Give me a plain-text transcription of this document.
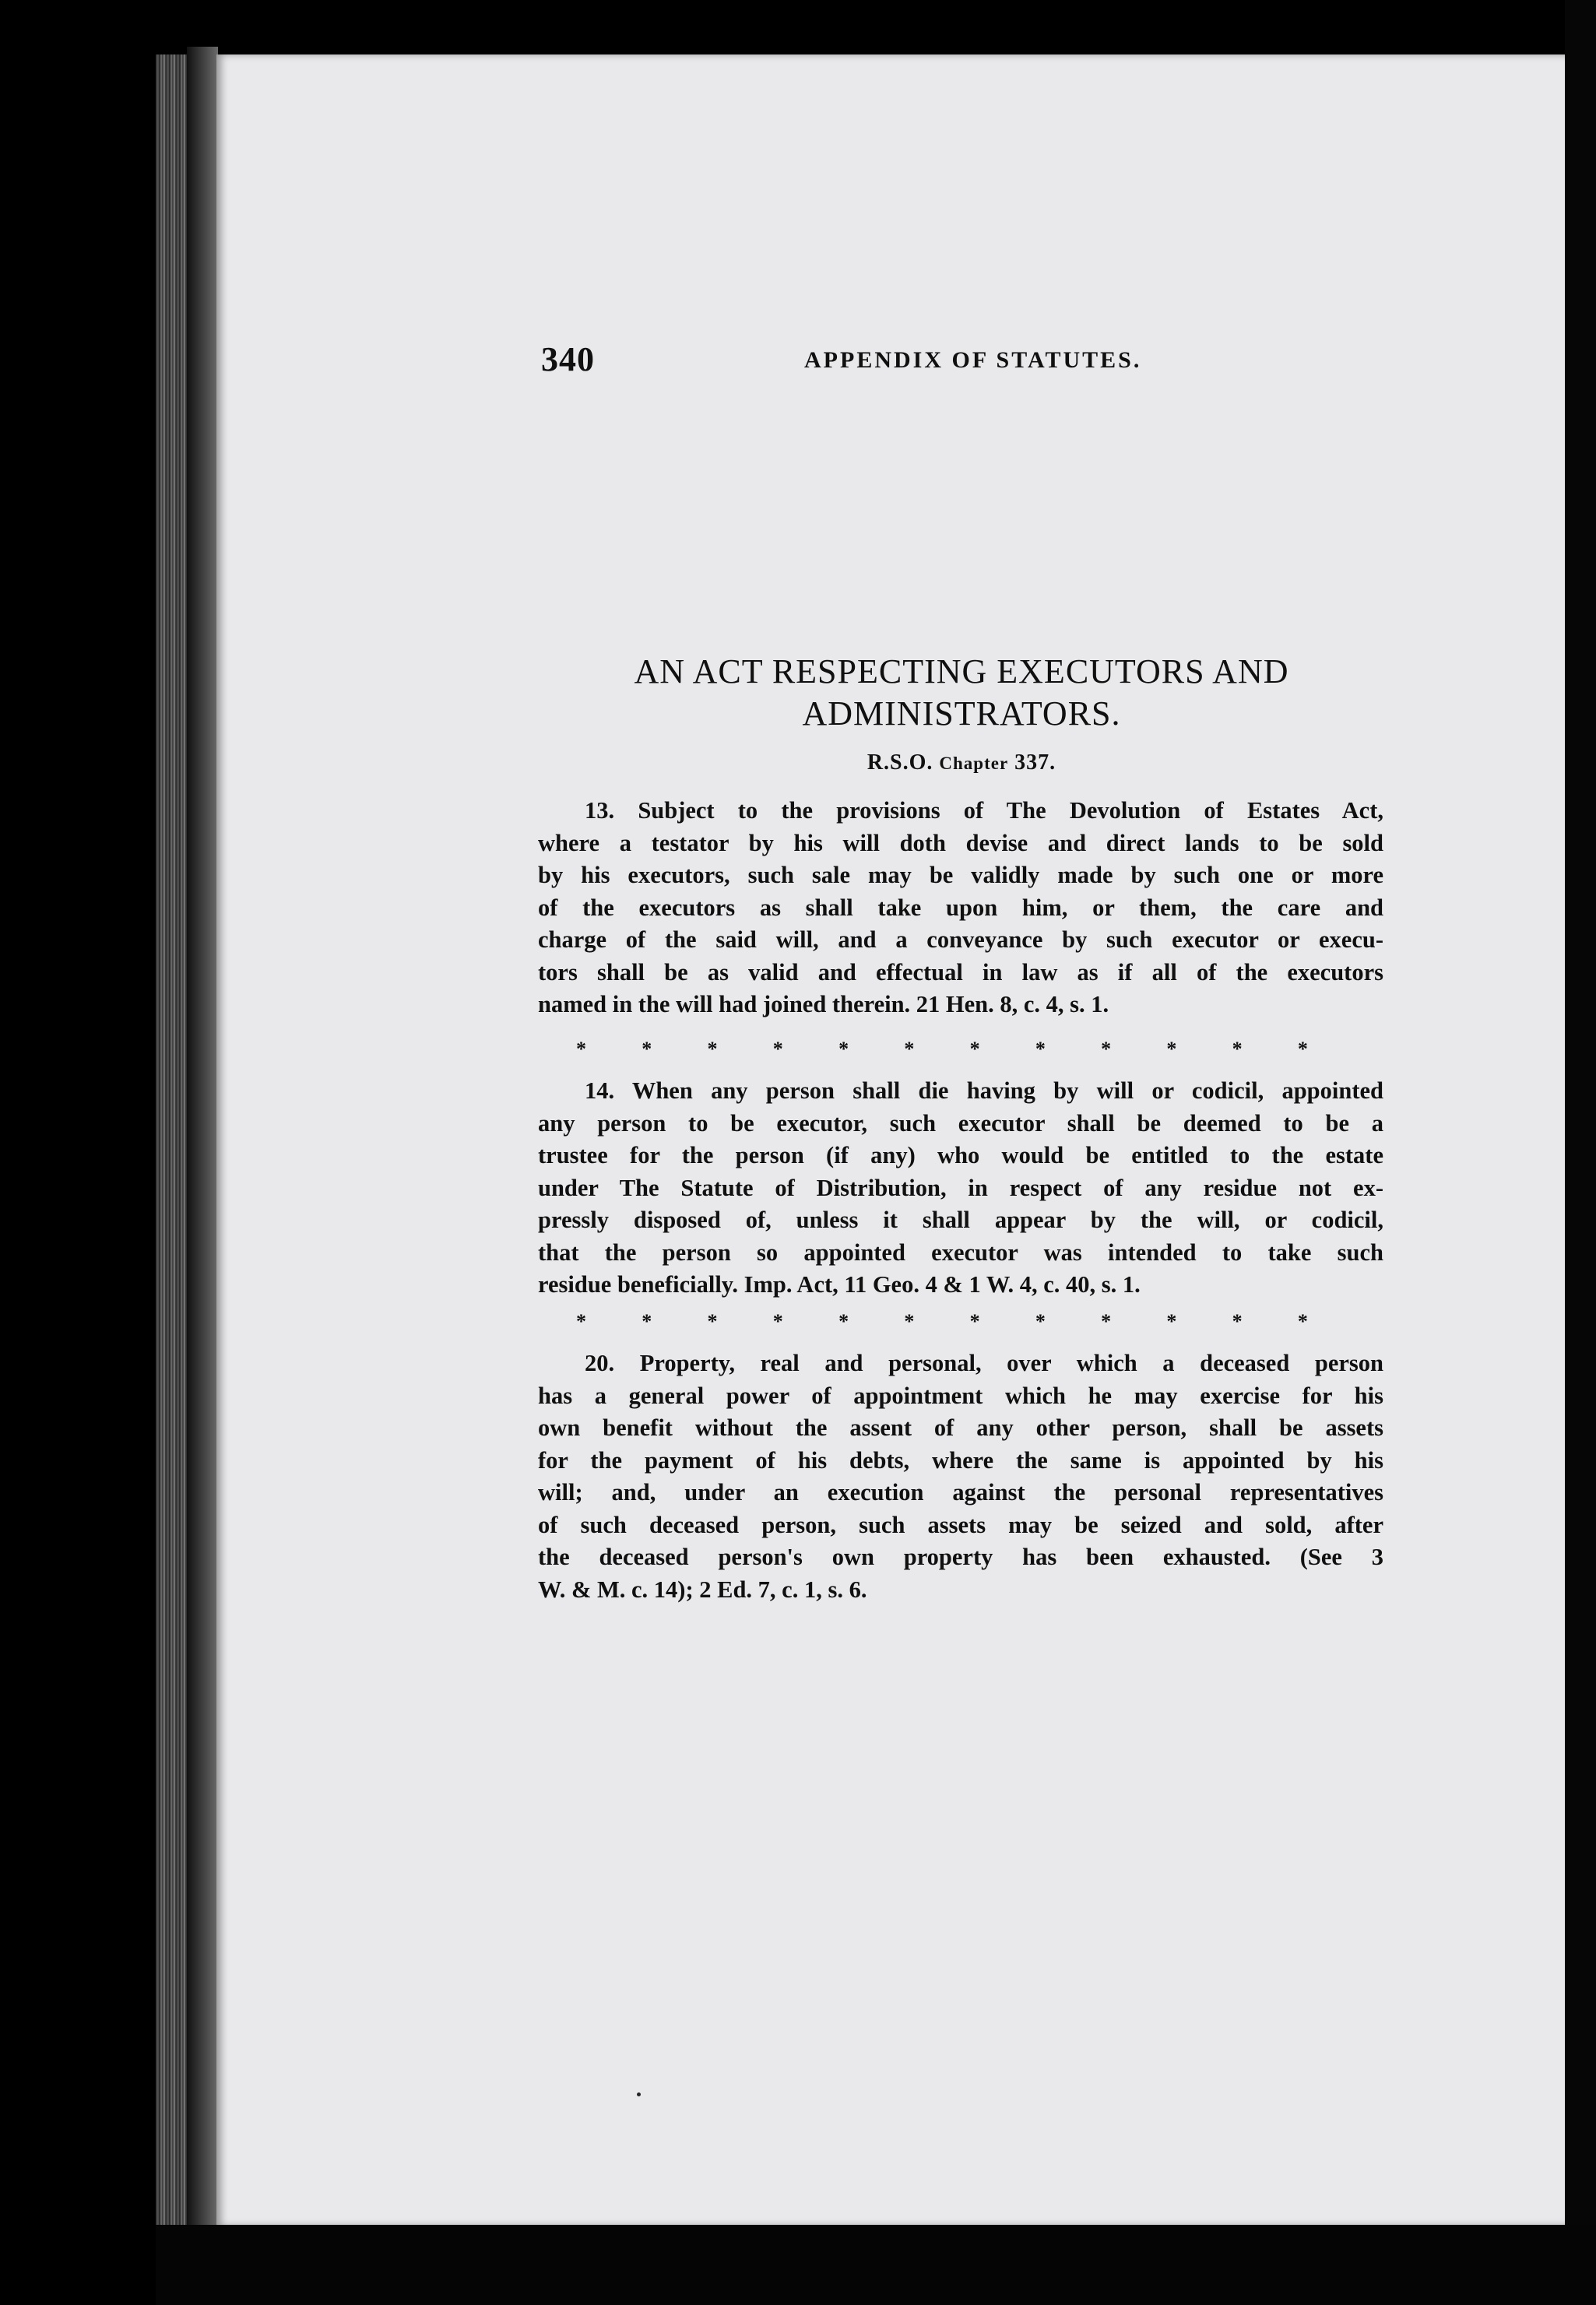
340	APPENDIX OF STATUTES.
AN ACT RESPECTING EXECUTORS AND
ADMINISTRATORS.
R.S.O. Chapter 337.
13. Subject to the provisions of The Devolution of Estates Act,
where a testator by his will doth devise and direct lands to be sold
by his executors, such sale may be validly made by such one or more
of the executors as shall take upon him, or them, the care and
charge of the said will, and a conveyance by such executor or execu-
tors shall be as valid and effectual in law as if all of the executors
named in the will had joined therein. 21 Hen. 8, c. 4, s. 1.
*	*	*	*	*	*	*	*	*	*	*	*
14. When any person shall die having by will or codicil, appointed
any person to be executor, such executor shall be deemed to be a
trustee for the person (if any) who would be entitled to the estate
under The Statute of Distribution, in respect of any residue not ex-
pressly disposed of, unless it shall appear by the will, or codicil,
that the person so appointed executor was intended to take such
residue beneficially. Imp. Act, 11 Geo. 4 & 1 W. 4, c. 40, s. 1.
*	*	*	*	*	*	*	*	*	*	*	*
20. Property, real and personal, over which a deceased person
has a general power of appointment which he may exercise for his
own benefit without the assent of any other person, shall be assets
for the payment of his debts, where the same is appointed by his
will; and, under an execution against the personal representatives
of such deceased person, such assets may be seized and sold, after
the deceased person's own property has been exhausted. (See 3
W. & M. c. 14); 2 Ed. 7, c. 1, s. 6.
